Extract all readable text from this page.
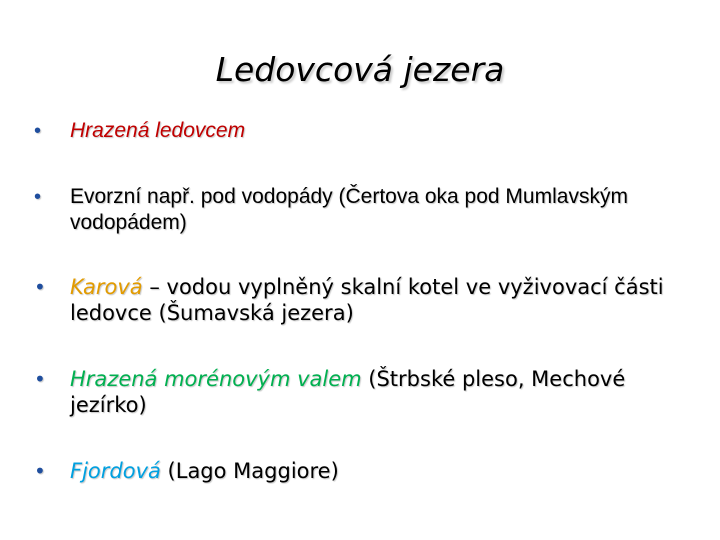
Ledovcová jezera
•	Hrazená ledovcem
•	Evorzní např. pod vodopády (Čertova oka pod Mumlavským vodopádem)
•	Karová – vodou vyplněný skalní kotel ve vyživovací části ledovce (Šumavská jezera)
•	Hrazená morénovým valem (Štrbské pleso, Mechové jezírko)
•	Fjordová (Lago Maggiore)
